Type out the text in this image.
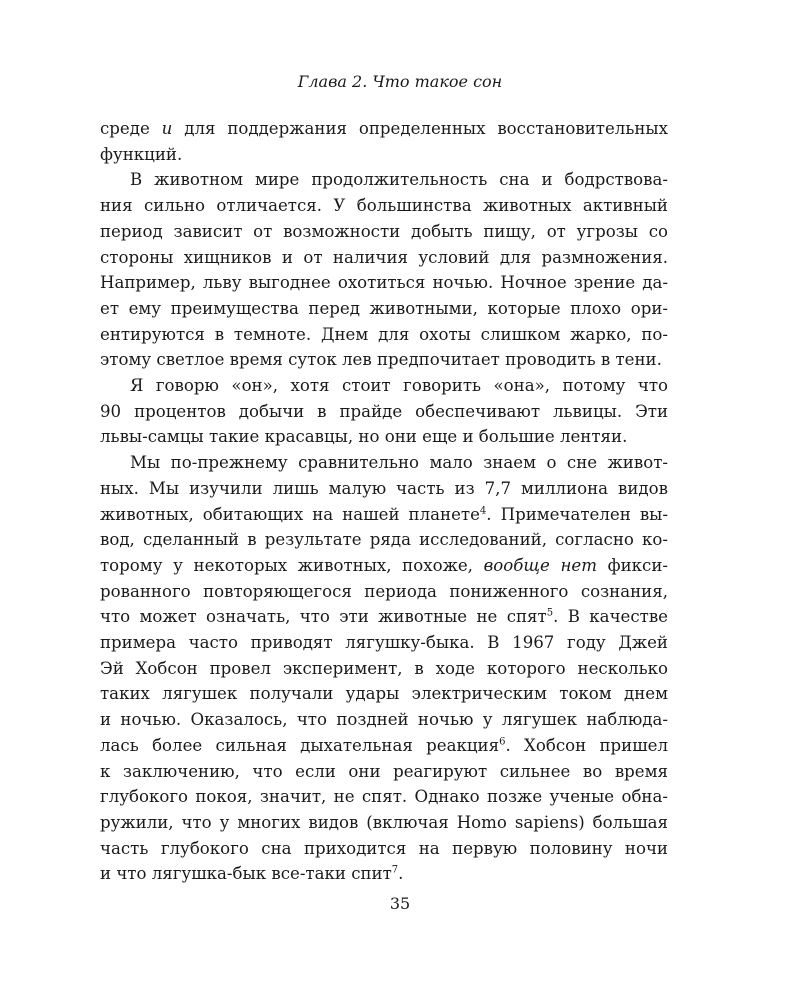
Глава 2. Что такое сон
среде и для поддержания определенных восстановительных
функций.
В животном мире продолжительность сна и бодрствова-
ния сильно отличается. У большинства животных активный
период зависит от возможности добыть пищу, от угрозы со
стороны хищников и от наличия условий для размножения.
Например, льву выгоднее охотиться ночью. Ночное зрение да-
ет ему преимущества перед животными, которые плохо ори-
ентируются в темноте. Днем для охоты слишком жарко, по-
этому светлое время суток лев предпочитает проводить в тени.
Я говорю «он», хотя стоит говорить «она», потому что
90 процентов добычи в прайде обеспечивают львицы. Эти
львы-самцы такие красавцы, но они еще и большие лентяи.
Мы по-прежнему сравнительно мало знаем о сне живот-
ных. Мы изучили лишь малую часть из 7,7 миллиона видов
животных, обитающих на нашей планете$^4$. Примечателен вы-
вод, сделанный в результате ряда исследований, согласно ко-
торому у некоторых животных, похоже, вообще нет фикси-
рованного повторяющегося периода пониженного сознания,
что может означать, что эти животные не спят$^5$. В качестве
примера часто приводят лягушку-быка. В 1967 году Джей
Эй Хобсон провел эксперимент, в ходе которого несколько
таких лягушек получали удары электрическим током днем
и ночью. Оказалось, что поздней ночью у лягушек наблюда-
лась более сильная дыхательная реакция$^6$. Хобсон пришел
к заключению, что если они реагируют сильнее во время
глубокого покоя, значит, не спят. Однако позже ученые обна-
ружили, что у многих видов (включая Homo sapiens) большая
часть глубокого сна приходится на первую половину ночи
и что лягушка-бык все-таки спит$^7$.
35
